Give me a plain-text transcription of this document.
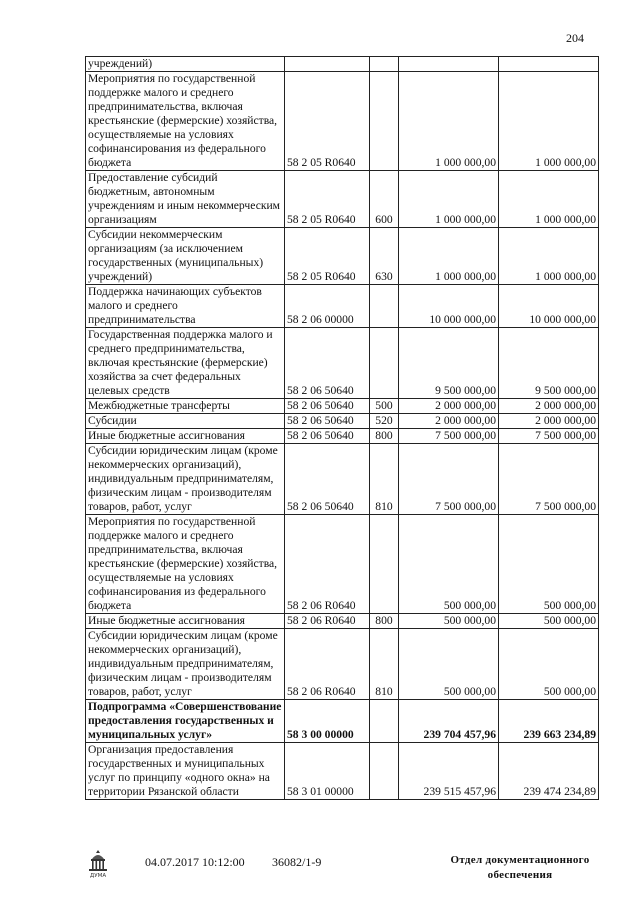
204
учреждений)				
Мероприятия по государственной поддержке малого и среднего предпринимательства, включая крестьянские (фермерские) хозяйства, осуществляемые на условиях софинансирования из федерального бюджета	58 2 05 R0640		1 000 000,00	1 000 000,00
Предоставление субсидий бюджетным, автономным учреждениям и иным некоммерческим организациям	58 2 05 R0640	600	1 000 000,00	1 000 000,00
Субсидии некоммерческим организациям (за исключением государственных (муниципальных) учреждений)	58 2 05 R0640	630	1 000 000,00	1 000 000,00
Поддержка начинающих субъектов малого и среднего предпринимательства	58 2 06 00000		10 000 000,00	10 000 000,00
Государственная поддержка малого и среднего предпринимательства, включая крестьянские (фермерские) хозяйства за счет федеральных целевых средств	58 2 06 50640		9 500 000,00	9 500 000,00
Межбюджетные трансферты	58 2 06 50640	500	2 000 000,00	2 000 000,00
Субсидии	58 2 06 50640	520	2 000 000,00	2 000 000,00
Иные бюджетные ассигнования	58 2 06 50640	800	7 500 000,00	7 500 000,00
Субсидии юридическим лицам (кроме некоммерческих организаций), индивидуальным предпринимателям, физическим лицам - производителям товаров, работ, услуг	58 2 06 50640	810	7 500 000,00	7 500 000,00
Мероприятия по государственной поддержке малого и среднего предпринимательства, включая крестьянские (фермерские) хозяйства, осуществляемые на условиях софинансирования из федерального бюджета	58 2 06 R0640		500 000,00	500 000,00
Иные бюджетные ассигнования	58 2 06 R0640	800	500 000,00	500 000,00
Субсидии юридическим лицам (кроме некоммерческих организаций), индивидуальным предпринимателям, физическим лицам - производителям товаров, работ, услуг	58 2 06 R0640	810	500 000,00	500 000,00
Подпрограмма «Совершенствование предоставления государственных и муниципальных услуг»	58 3 00 00000		239 704 457,96	239 663 234,89
Организация предоставления государственных и муниципальных услуг по принципу «одного окна» на территории Рязанской области	58 3 01 00000		239 515 457,96	239 474 234,89
ДУМА
04.07.2017 10:12:00 36082/1-9	Отдел документационного
обеспечения
